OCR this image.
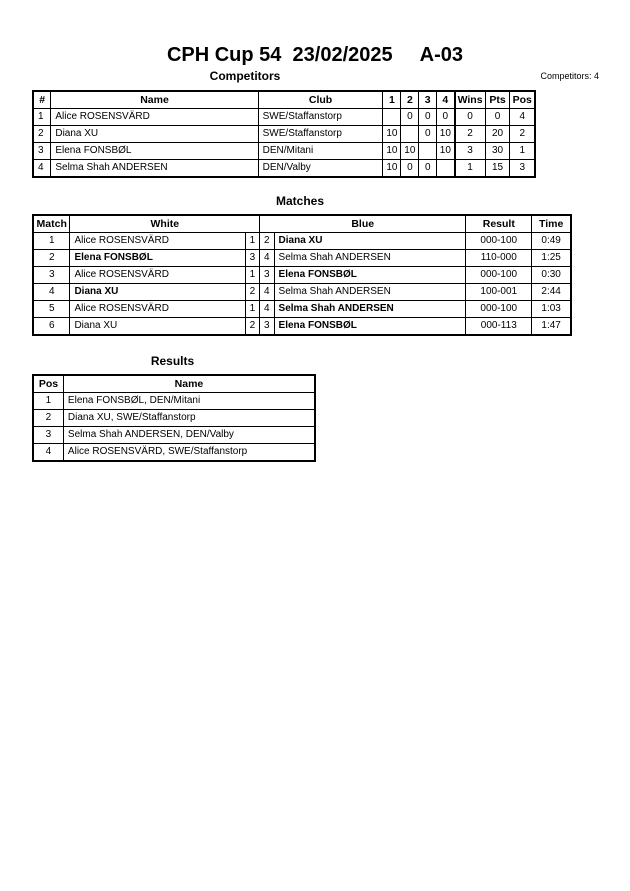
CPH Cup 54  23/02/2025     A-03
Competitors	Competitors: 4
#	Name	Club	1	2	3	4	Wins	Pts	Pos
1	Alice ROSENSVÄRD	SWE/Staffanstorp		0	0	0	0	0	4
2	Diana XU	SWE/Staffanstorp	10		0	10	2	20	2
3	Elena FONSBØL	DEN/Mitani	10	10		10	3	30	1
4	Selma Shah ANDERSEN	DEN/Valby	10	0	0		1	15	3
Matches
Match	White		Blue		Result	Time
1	Alice ROSENSVÄRD	1	2	Diana XU	000-100	0:49
2	Elena FONSBØL	3	4	Selma Shah ANDERSEN	110-000	1:25
3	Alice ROSENSVÄRD	1	3	Elena FONSBØL	000-100	0:30
4	Diana XU	2	4	Selma Shah ANDERSEN	100-001	2:44
5	Alice ROSENSVÄRD	1	4	Selma Shah ANDERSEN	000-100	1:03
6	Diana XU	2	3	Elena FONSBØL	000-113	1:47
Results
Pos	Name
1	Elena FONSBØL, DEN/Mitani
2	Diana XU, SWE/Staffanstorp
3	Selma Shah ANDERSEN, DEN/Valby
4	Alice ROSENSVÄRD, SWE/Staffanstorp
